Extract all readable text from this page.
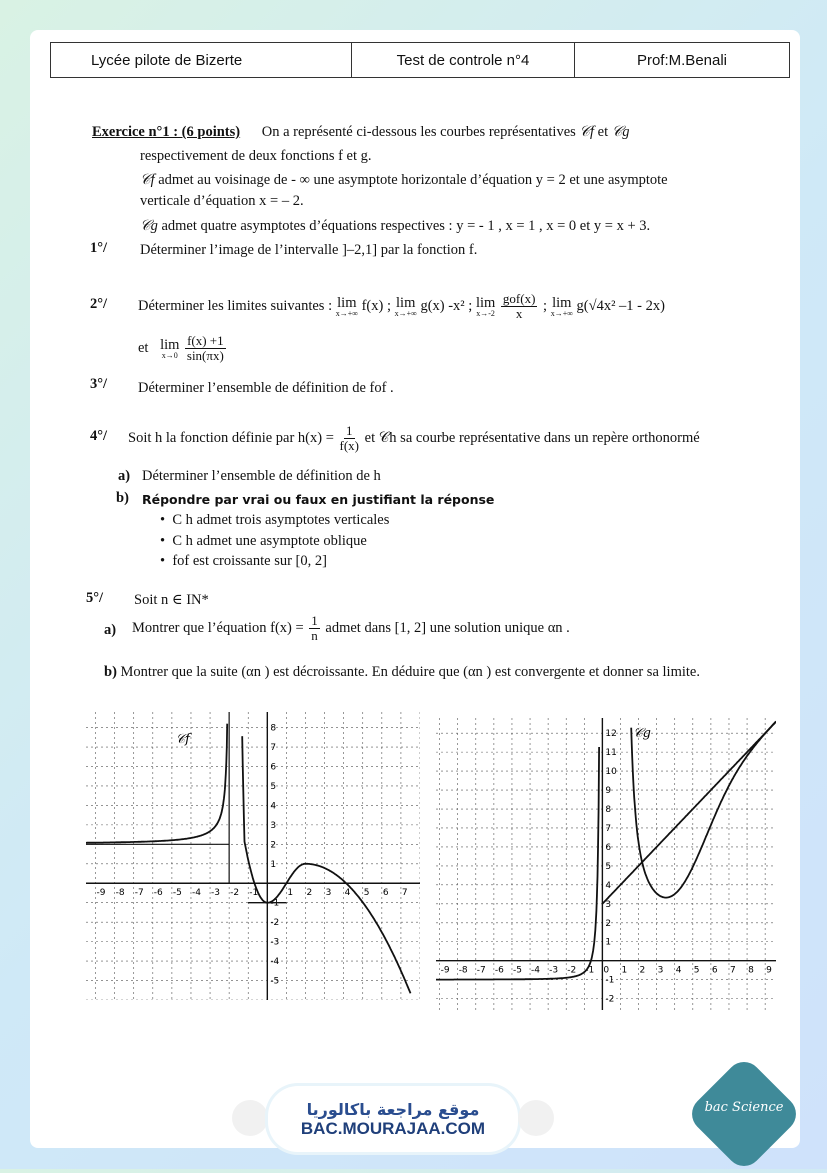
Lycée pilote de Bizerte	Test de controle n°4	Prof:M.Benali
Exercice n°1 : (6 points) On a représenté ci-dessous les courbes représentatives 𝒞f et 𝒞g
respectivement de deux fonctions f et g.
𝒞f admet au voisinage de - ∞ une asymptote horizontale d’équation y = 2 et une asymptote
verticale d’équation x = – 2.
𝒞g admet quatre asymptotes d’équations respectives : y = - 1 , x = 1 , x = 0 et y = x + 3.
1°/ Déterminer l’image de l’intervalle ]–2,1] par la fonction f.
2°/ Déterminer les limites suivantes : lim
x→+∞ f(x) ; lim
x→+∞ g(x) -x² ; lim
x→-2
$\frac{\text{gof(x)}}{x}$ ; lim
x→+∞ g(√4x² –1 - 2x)
et lim
x→0
$\frac{f(x) +1}{\sin(\pi x)}$
3°/ Déterminer l’ensemble de définition de fof .
4°/ Soit h la fonction définie par $h(x) = \frac{1}{f(x)}$ et 𝒞h sa courbe représentative dans un repère orthonormé
a) Déterminer l’ensemble de définition de h
b) Répondre par vrai ou faux en justifiant la réponse
•  C h admet trois asymptotes verticales
•  C h admet une asymptote oblique
•  fof est croissante sur [0, 2]
5°/ Soit n ∈ IN*
a) Montrer que l’équation $f(x) = \frac{1}{n}$ admet dans [1, 2] une solution unique αn .
b) Montrer que la suite (αn ) est décroissante. En déduire que (αn ) est convergente et donner sa limite.
-9 -8 -7 -6 -5 -4 -3 -2 -1	1 2 3 4 5 6 7
8
7
6
5
4
3
2
1
-1
-2
-3
-4
-5
𝒞f
-9 -8 -7 -6 -5 -4 -3 -2 -1 0 1 2 3 4 5 6 7 8 9
12
11
10
9
8
7
6
5
4
3
2
1
-1
-2
𝒞g
موقع مراجعة باكالوريا
BAC.MOURAJAA.COM
bac Science
